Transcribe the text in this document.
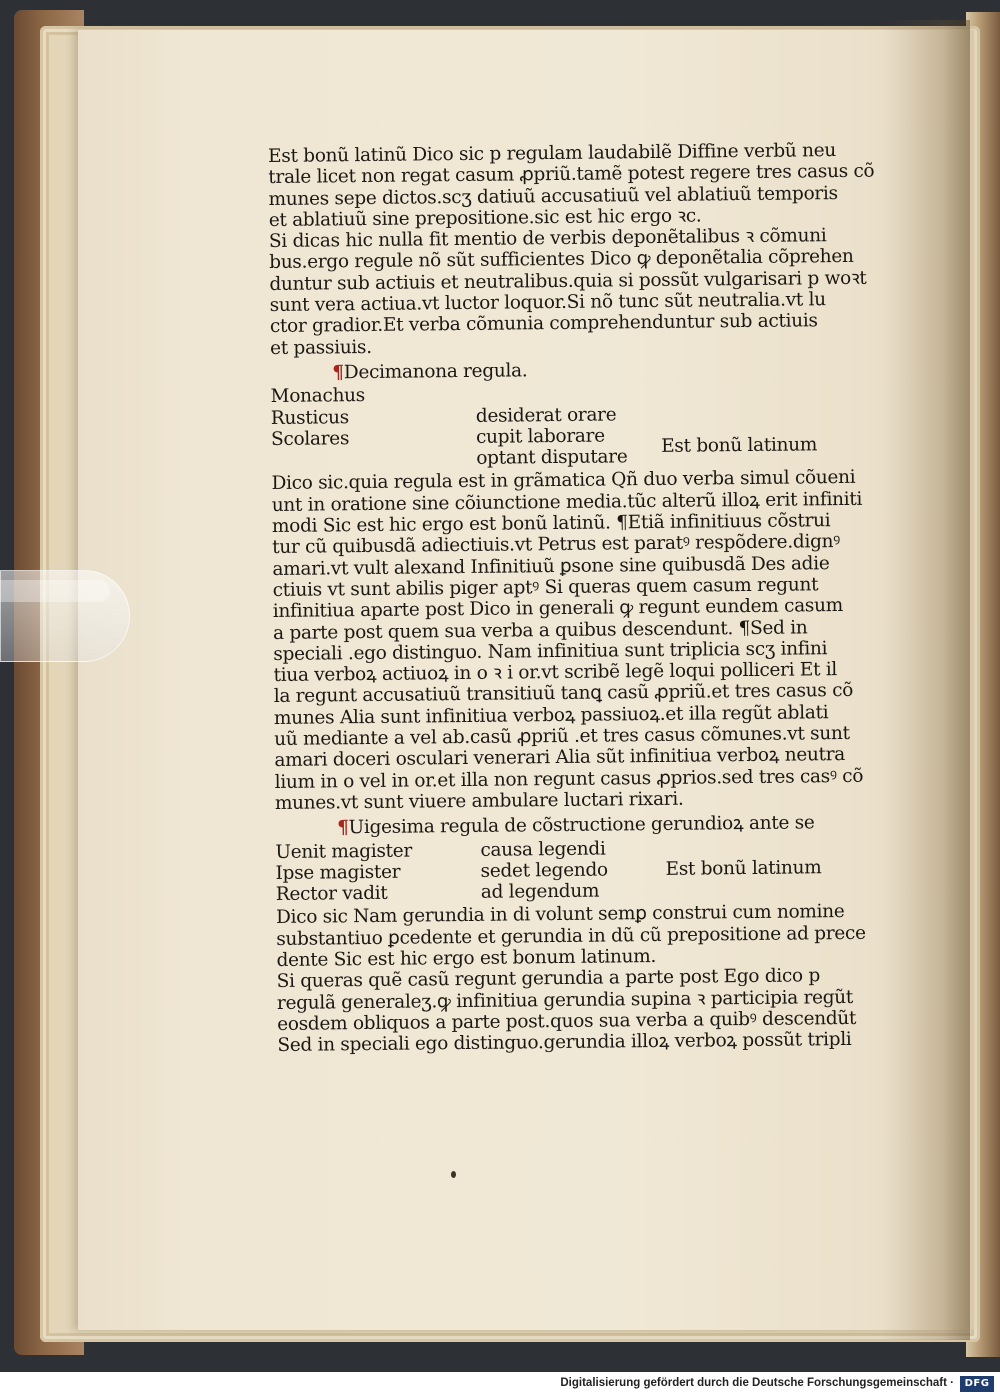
Est bonũ latinũ Dico sic p regulam laudabilẽ Diffine verbũ neu

trale licet non regat casum ꝓpriũ.tamẽ potest regere tres casus cõ

munes sepe dictos.scʒ datiuũ accusatiuũ vel ablatiuũ temporis

et ablatiuũ sine prepositione.sic est hic ergo ꝛc.

Si dicas hic nulla fit mentio de verbis deponẽtalibus ꝛ cõmuni

bus.ergo regule nõ sũt sufficientes Dico ꝙ deponẽtalia cõprehen

duntur sub actiuis et neutralibus.quia si possũt vulgarisari p woꝛt

sunt vera actiua.vt luctor loquor.Si nõ tunc sũt neutralia.vt lu

ctor gradior.Et verba cõmunia comprehenduntur sub actiuis

et passiuis.

¶Decimanona regula.

Monachus
Rusticus
Scolares
desiderat orare
cupit laborare
optant disputare
Est bonũ latinum

Dico sic.quia regula est in grãmatica Qñ duo verba simul cõueni

unt in oratione sine cõiunctione media.tũc alterũ illoꝝ erit infiniti

modi Sic est hic ergo est bonũ latinũ. ¶Etiã infinitiuus cõstrui

tur cũ quibusdã adiectiuis.vt Petrus est paratꝰ respõdere.dignꝰ

amari.vt vult alexand Infinitiuũ ꝑsone sine quibusdã Des adie

ctiuis vt sunt abilis piger aptꝰ Si queras quem casum regunt

infinitiua aparte post Dico in generali ꝙ regunt eundem casum

a parte post quem sua verba a quibus descendunt. ¶Sed in

speciali .ego distinguo. Nam infinitiua sunt triplicia scʒ infini

tiua verboꝝ actiuoꝝ in o ꝛ i or.vt scribẽ legẽ loqui polliceri Et il

la regunt accusatiuũ transitiuũ tanꝗ casũ ꝓpriũ.et tres casus cõ

munes Alia sunt infinitiua verboꝝ passiuoꝝ.et illa regũt ablati

uũ mediante a vel ab.casũ ꝓpriũ .et tres casus cõmunes.vt sunt

amari doceri osculari venerari Alia sũt infinitiua verboꝝ neutra

lium in o vel in or.et illa non regunt casus ꝓprios.sed tres casꝰ cõ

munes.vt sunt viuere ambulare luctari rixari.

¶Uigesima regula de cõstructione gerundioꝝ ante se

Uenit magister
Ipse magister
Rector vadit
causa legendi
sedet legendo
ad legendum
Est bonũ latinum

Dico sic Nam gerundia in di volunt semꝑ construi cum nomine

substantiuo ꝑcedente et gerundia in dũ cũ prepositione ad prece

dente Sic est hic ergo est bonum latinum.

Si queras quẽ casũ regunt gerundia a parte post Ego dico p

regulã generaleʒ.ꝙ infinitiua gerundia supina ꝛ participia regũt

eosdem obliquos a parte post.quos sua verba a quibꝰ descendũt

Sed in speciali ego distinguo.gerundia illoꝝ verboꝝ possũt tripli

Digitalisierung gefördert durch die Deutsche Forschungsgemeinschaft ·	DFG
